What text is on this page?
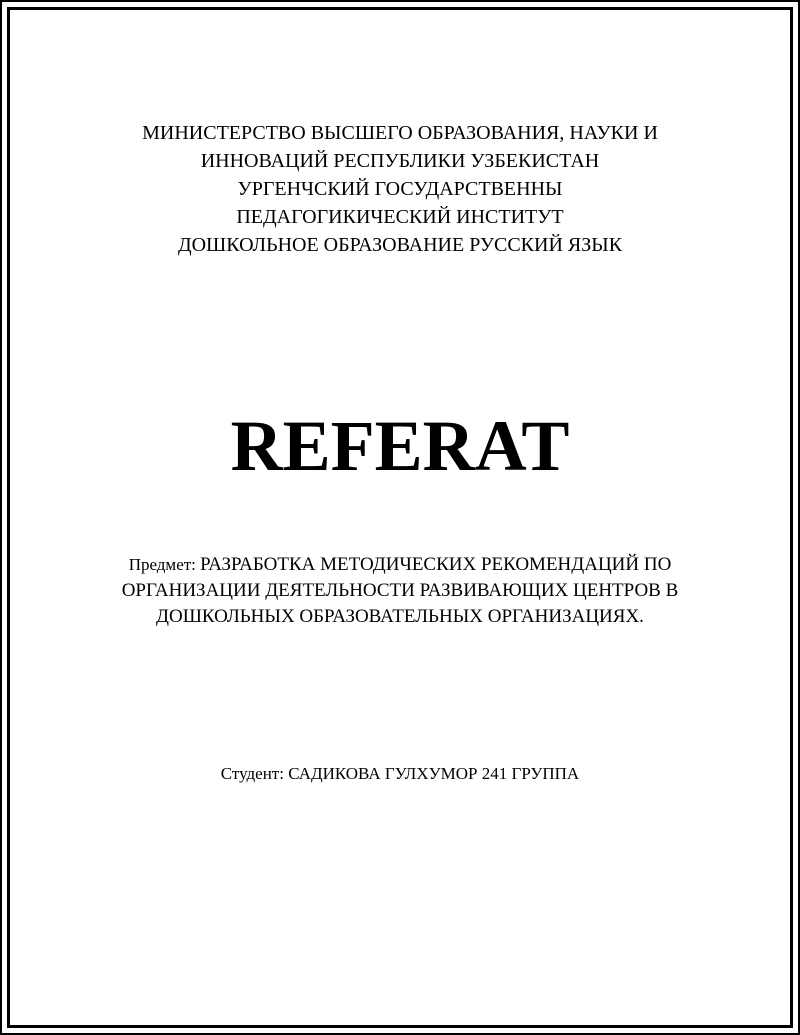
МИНИСТЕРСТВО ВЫСШЕГО ОБРАЗОВАНИЯ, НАУКИ И
ИННОВАЦИЙ РЕСПУБЛИКИ УЗБЕКИСТАН
УРГЕНЧСКИЙ ГОСУДАРСТВЕННЫ
ПЕДАГОГИКИЧЕСКИЙ ИНСТИТУТ
ДОШКОЛЬНОЕ ОБРАЗОВАНИЕ РУССКИЙ ЯЗЫК
REFERAT
Предмет: РАЗРАБОТКА МЕТОДИЧЕСКИХ РЕКОМЕНДАЦИЙ ПО
ОРГАНИЗАЦИИ ДЕЯТЕЛЬНОСТИ РАЗВИВАЮЩИХ ЦЕНТРОВ В
ДОШКОЛЬНЫХ ОБРАЗОВАТЕЛЬНЫХ ОРГАНИЗАЦИЯХ.
Студент: САДИКОВА ГУЛХУМОР 241 ГРУППА
